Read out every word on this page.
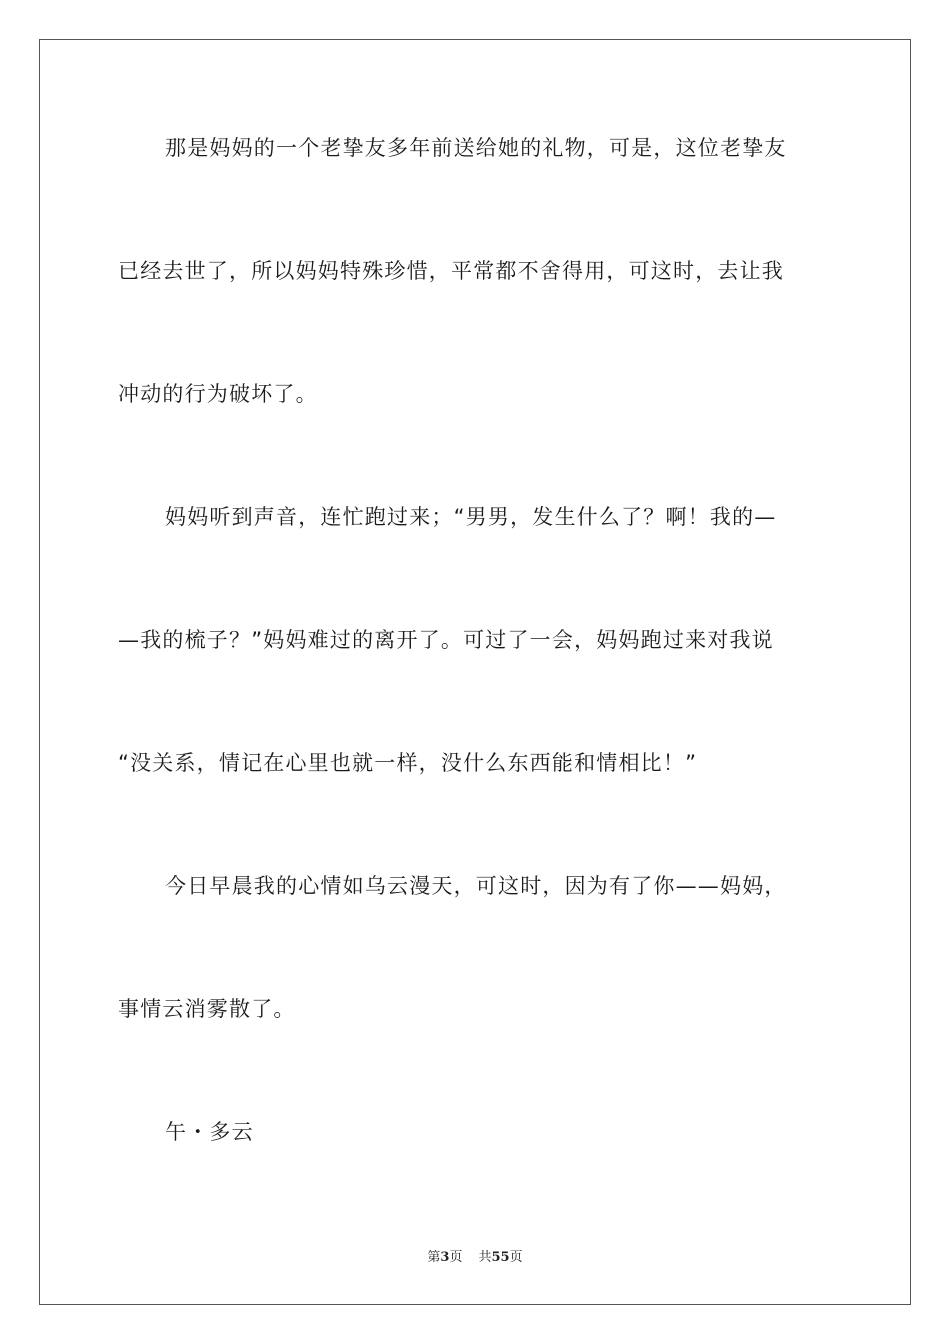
那是妈妈的一个老挚友多年前送给她的礼物，可是，这位老挚友

已经去世了，所以妈妈特殊珍惜，平常都不舍得用，可这时，去让我

冲动的行为破坏了。

妈妈听到声音，连忙跑过来；“男男，发生什么了？啊！我的—

—我的梳子？”妈妈难过的离开了。可过了一会，妈妈跑过来对我说

“没关系，情记在心里也就一样，没什么东西能和情相比！”

今日早晨我的心情如乌云漫天，可这时，因为有了你——妈妈，

事情云消雾散了。

午・多云

第3页 共55页
